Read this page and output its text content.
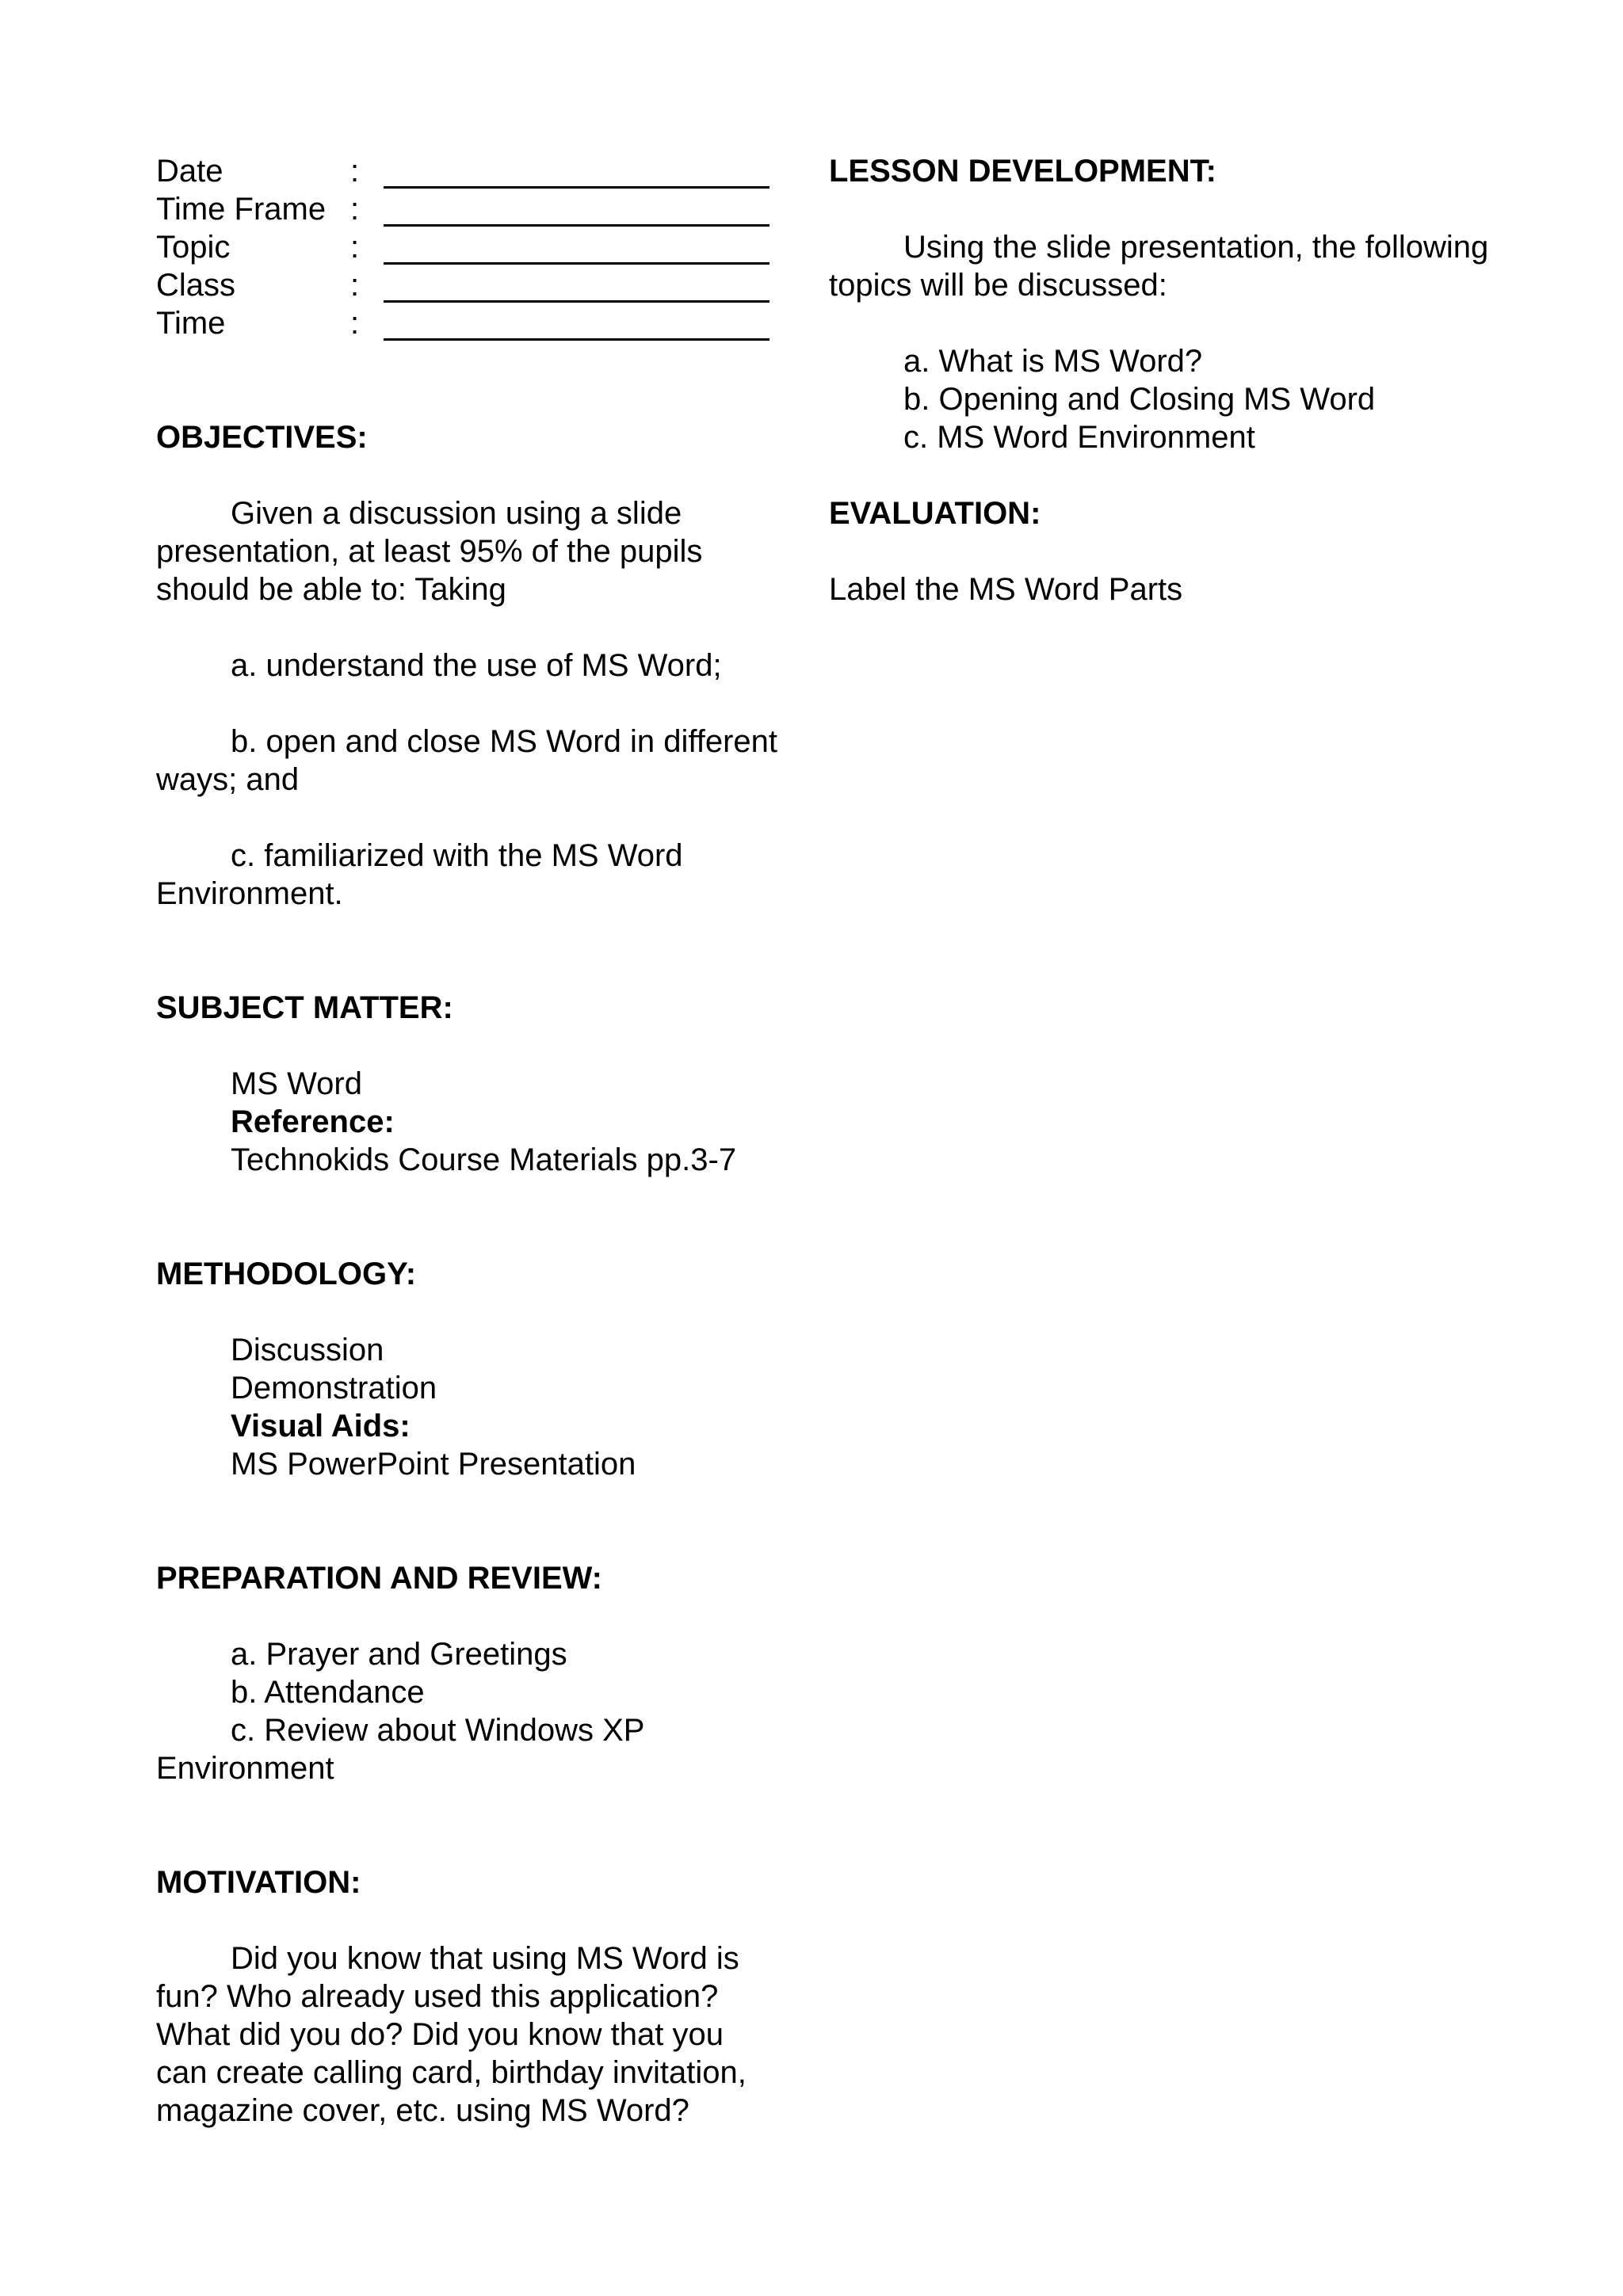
Date	:
Time Frame :
Topic	:
Class	:
Time	:

OBJECTIVES:

Given a discussion using a slide presentation, at least 95% of the pupils should be able to: Taking

a. understand the use of MS Word;

b. open and close MS Word in different ways; and

c. familiarized with the MS Word Environment.

SUBJECT MATTER:

MS Word

Reference:

Technokids Course Materials pp.3-7

METHODOLOGY:

Discussion

Demonstration

Visual Aids:

MS PowerPoint Presentation

PREPARATION AND REVIEW:

a. Prayer and Greetings

b. Attendance

c. Review about Windows XP Environment

MOTIVATION:

Did you know that using MS Word is fun? Who already used this application? What did you do? Did you know that you can create calling card, birthday invitation, magazine cover, etc. using MS Word?

LESSON DEVELOPMENT:

Using the slide presentation, the following topics will be discussed:

a. What is MS Word?

b. Opening and Closing MS Word

c. MS Word Environment

EVALUATION:

Label the MS Word Parts
